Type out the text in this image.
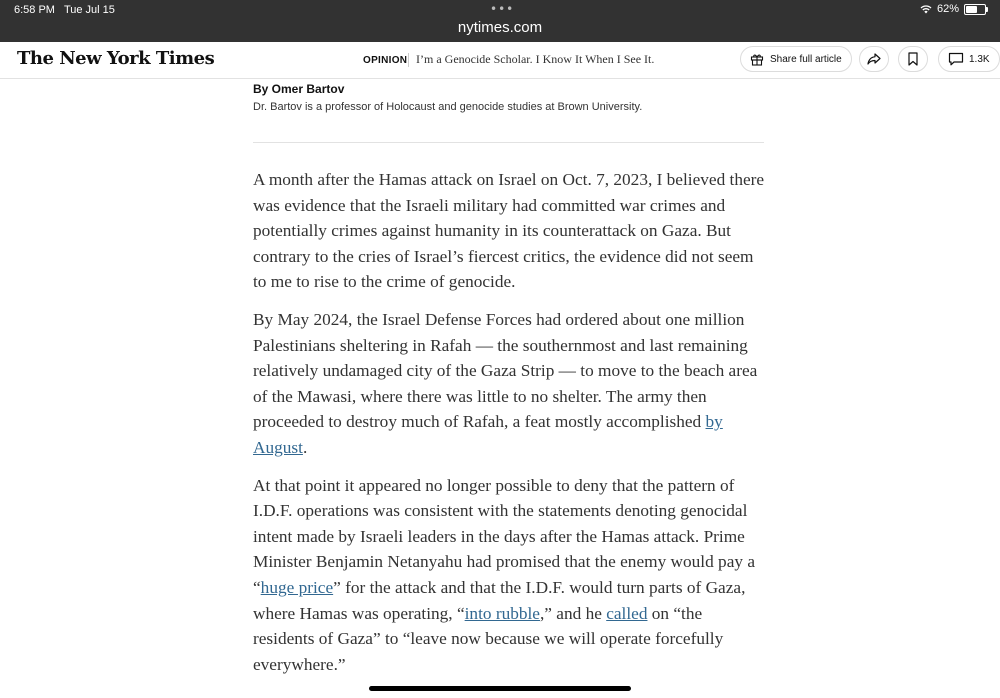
6:58 PM Tue Jul 15	•••
nytimes.com
62%
The New York Times	OPINION I’m a Genocide Scholar. I Know It When I See It.	Share full article	1.3K
By Omer Bartov
Dr. Bartov is a professor of Holocaust and genocide studies at Brown University.

A month after the Hamas attack on Israel on Oct. 7, 2023, I believed there was evidence that the Israeli military had committed war crimes and potentially crimes against humanity in its counterattack on Gaza. But contrary to the cries of Israel’s fiercest critics, the evidence did not seem to me to rise to the crime of genocide.

By May 2024, the Israel Defense Forces had ordered about one million Palestinians sheltering in Rafah — the southernmost and last remaining relatively undamaged city of the Gaza Strip — to move to the beach area of the Mawasi, where there was little to no shelter. The army then proceeded to destroy much of Rafah, a feat mostly accomplished by August.

At that point it appeared no longer possible to deny that the pattern of I.D.F. operations was consistent with the statements denoting genocidal intent made by Israeli leaders in the days after the Hamas attack. Prime Minister Benjamin Netanyahu had promised that the enemy would pay a “huge price” for the attack and that the I.D.F. would turn parts of Gaza, where Hamas was operating, “into rubble,” and he called on “the residents of Gaza” to “leave now because we will operate forcefully everywhere.”
